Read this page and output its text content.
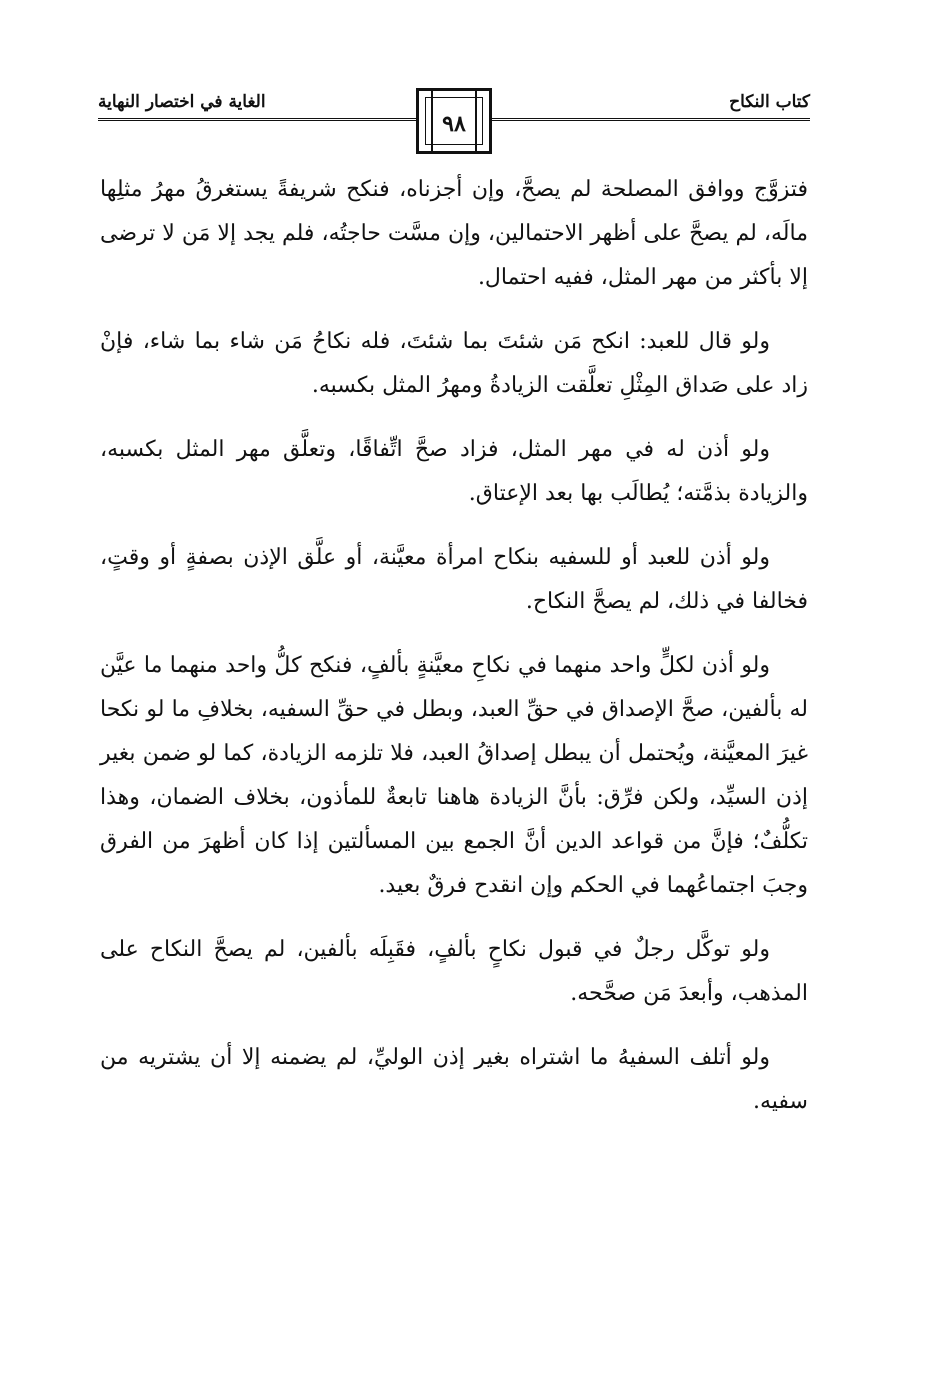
كتاب النكاح
الغاية في اختصار النهاية
٩٨

فتزوَّج ووافق المصلحة لم يصحَّ، وإن أجزناه، فنكح شريفةً يستغرقُ مهرُ مثلِها مالَه، لم يصحَّ على أظهر الاحتمالين، وإن مسَّت حاجتُه، فلم يجد إلا مَن لا ترضى إلا بأكثر من مهر المثل، ففيه احتمال.

ولو قال للعبد: انكح مَن شئتَ بما شئتَ، فله نكاحُ مَن شاء بما شاء، فإنْ زاد على صَداق المِثْلِ تعلَّقت الزيادةُ ومهرُ المثل بكسبه.

ولو أذن له في مهر المثل، فزاد صحَّ اتِّفاقًا، وتعلَّق مهر المثل بكسبه، والزيادة بذمَّته؛ يُطالَب بها بعد الإعتاق.

ولو أذن للعبد أو للسفيه بنكاح امرأة معيَّنة، أو علَّق الإذن بصفةٍ أو وقتٍ، فخالفا في ذلك، لم يصحَّ النكاح.

ولو أذن لكلٍّ واحد منهما في نكاحِ معيَّنةٍ بألفٍ، فنكح كلُّ واحد منهما ما عيَّن له بألفين، صحَّ الإصداق في حقِّ العبد، وبطل في حقِّ السفيه، بخلافِ ما لو نكحا غيرَ المعيَّنة، ويُحتمل أن يبطل إصداقُ العبد، فلا تلزمه الزيادة، كما لو ضمن بغير إذن السيِّد، ولكن فرِّق: بأنَّ الزيادة هاهنا تابعةٌ للمأذون، بخلاف الضمان، وهذا تكلُّفٌ؛ فإنَّ من قواعد الدين أنَّ الجمع بين المسألتين إذا كان أظهرَ من الفرق وجبَ اجتماعُهما في الحكم وإن انقدح فرقٌ بعيد.

ولو توكَّل رجلٌ في قبول نكاحٍ بألفٍ، فقَبِلَه بألفين، لم يصحَّ النكاح على المذهب، وأبعدَ مَن صحَّحه.

ولو أتلف السفيهُ ما اشتراه بغير إذن الوليِّ، لم يضمنه إلا أن يشتريه من سفيه.
